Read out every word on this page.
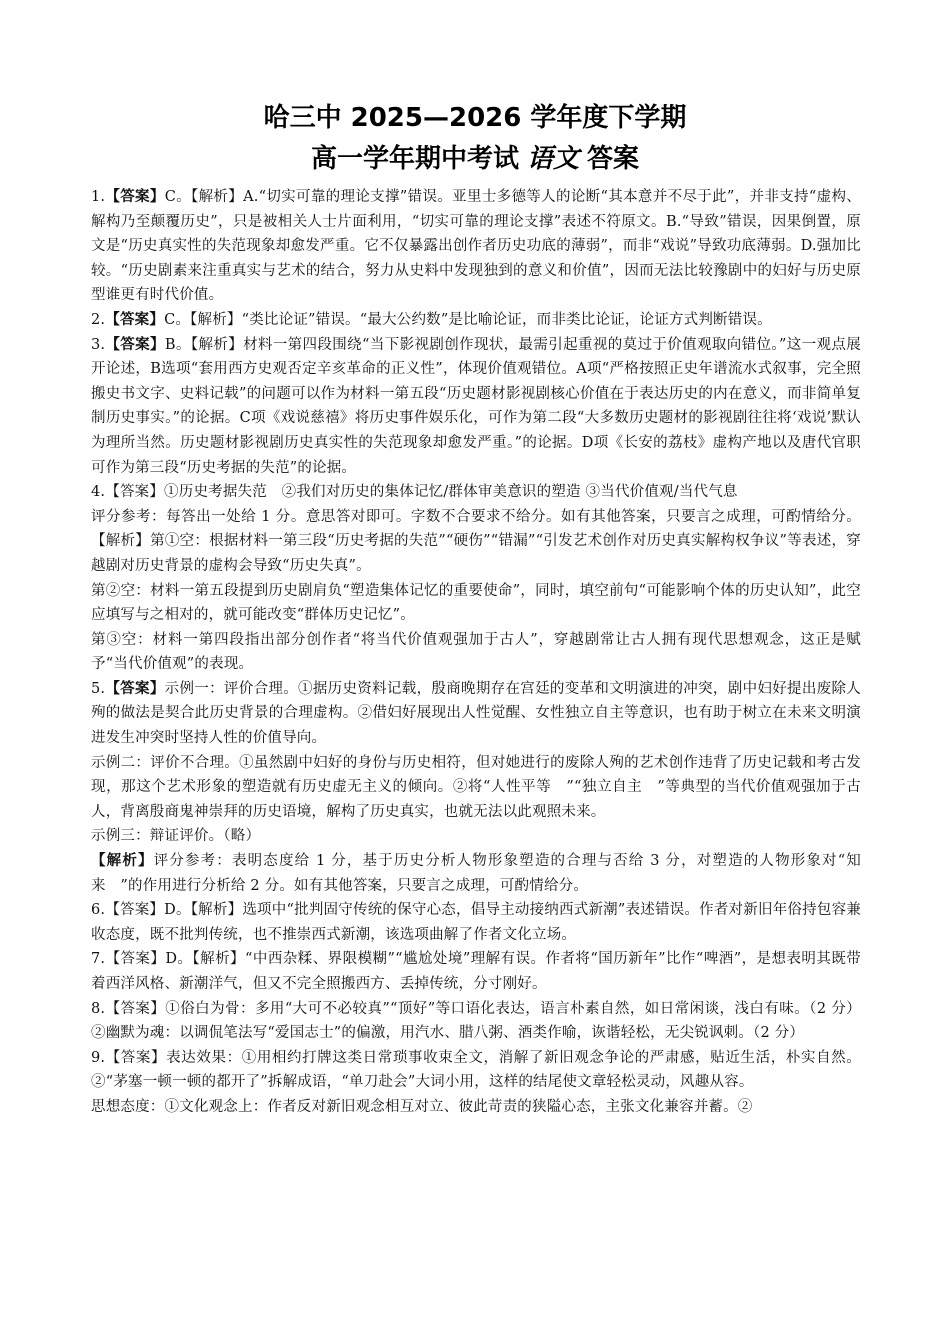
哈三中 2025—2026 学年度下学期
高一学年期中考试 语文 答案

1.【答案】C。【解析】A.“切实可靠的理论支撑”错误。亚里士多德等人的论断“其本意并不尽于此”，并非支持“虚构、解构乃至颠覆历史”，只是被相关人士片面利用，“切实可靠的理论支撑”表述不符原文。B.“导致”错误，因果倒置，原文是“历史真实性的失范现象却愈发严重。它不仅暴露出创作者历史功底的薄弱”，而非“戏说”导致功底薄弱。D.强加比较。“历史剧素来注重真实与艺术的结合，努力从史料中发现独到的意义和价值”，因而无法比较豫剧中的妇好与历史原型谁更有时代价值。

2.【答案】C。【解析】“类比论证”错误。“最大公约数”是比喻论证，而非类比论证，论证方式判断错误。

3.【答案】B。【解析】材料一第四段围绕“当下影视剧创作现状，最需引起重视的莫过于价值观取向错位。”这一观点展开论述，B选项“套用西方史观否定辛亥革命的正义性”，体现价值观错位。A项“严格按照正史年谱流水式叙事，完全照搬史书文字、史料记载”的问题可以作为材料一第五段“历史题材影视剧核心价值在于表达历史的内在意义，而非简单复制历史事实。”的论据。C项《戏说慈禧》将历史事件娱乐化，可作为第二段“大多数历史题材的影视剧往往将‘戏说’默认为理所当然。历史题材影视剧历史真实性的失范现象却愈发严重。”的论据。D项《长安的荔枝》虚构产地以及唐代官职可作为第三段“历史考据的失范”的论据。

4.【答案】①历史考据失范　②我们对历史的集体记忆/群体审美意识的塑造 ③当代价值观/当代气息

评分参考：每答出一处给 1 分。意思答对即可。字数不合要求不给分。如有其他答案，只要言之成理，可酌情给分。【解析】第①空：根据材料一第三段“历史考据的失范”“硬伤”“错漏”“引发艺术创作对历史真实解构权争议”等表述，穿越剧对历史背景的虚构会导致“历史失真”。

第②空：材料一第五段提到历史剧肩负“塑造集体记忆的重要使命”，同时，填空前句“可能影响个体的历史认知”，此空应填写与之相对的，就可能改变“群体历史记忆”。

第③空：材料一第四段指出部分创作者“将当代价值观强加于古人”，穿越剧常让古人拥有现代思想观念，这正是赋予“当代价值观”的表现。

5.【答案】示例一：评价合理。①据历史资料记载，殷商晚期存在宫廷的变革和文明演进的冲突，剧中妇好提出废除人殉的做法是契合此历史背景的合理虚构。②借妇好展现出人性觉醒、女性独立自主等意识，也有助于树立在未来文明演进发生冲突时坚持人性的价值导向。

示例二：评价不合理。①虽然剧中妇好的身份与历史相符，但对她进行的废除人殉的艺术创作违背了历史记载和考古发现，那这个艺术形象的塑造就有历史虚无主义的倾向。②将“人性平等　”“独立自主　”等典型的当代价值观强加于古人，背离殷商鬼神崇拜的历史语境，解构了历史真实，也就无法以此观照未来。

示例三：辩证评价。（略）

【解析】评分参考：表明态度给 1 分，基于历史分析人物形象塑造的合理与否给 3 分，对塑造的人物形象对“知来　”的作用进行分析给 2 分。如有其他答案，只要言之成理，可酌情给分。

6.【答案】D。【解析】选项中“批判固守传统的保守心态，倡导主动接纳西式新潮”表述错误。作者对新旧年俗持包容兼收态度，既不批判传统，也不推崇西式新潮，该选项曲解了作者文化立场。

7.【答案】D。【解析】“中西杂糅、界限模糊”“尴尬处境”理解有误。作者将“国历新年”比作“啤酒”，是想表明其既带着西洋风格、新潮洋气，但又不完全照搬西方、丢掉传统，分寸刚好。

8.【答案】①俗白为骨：多用“大可不必较真”“顶好”等口语化表达，语言朴素自然，如日常闲谈，浅白有味。（2 分）②幽默为魂：以调侃笔法写“爱国志士”的偏激，用汽水、腊八粥、酒类作喻，诙谐轻松，无尖锐讽刺。（2 分）

9.【答案】表达效果：①用相约打牌这类日常琐事收束全文，消解了新旧观念争论的严肃感，贴近生活，朴实自然。②“茅塞一顿一顿的都开了”拆解成语，“单刀赴会”大词小用，这样的结尾使文章轻松灵动，风趣从容。

思想态度：①文化观念上：作者反对新旧观念相互对立、彼此苛责的狭隘心态，主张文化兼容并蓄。②
